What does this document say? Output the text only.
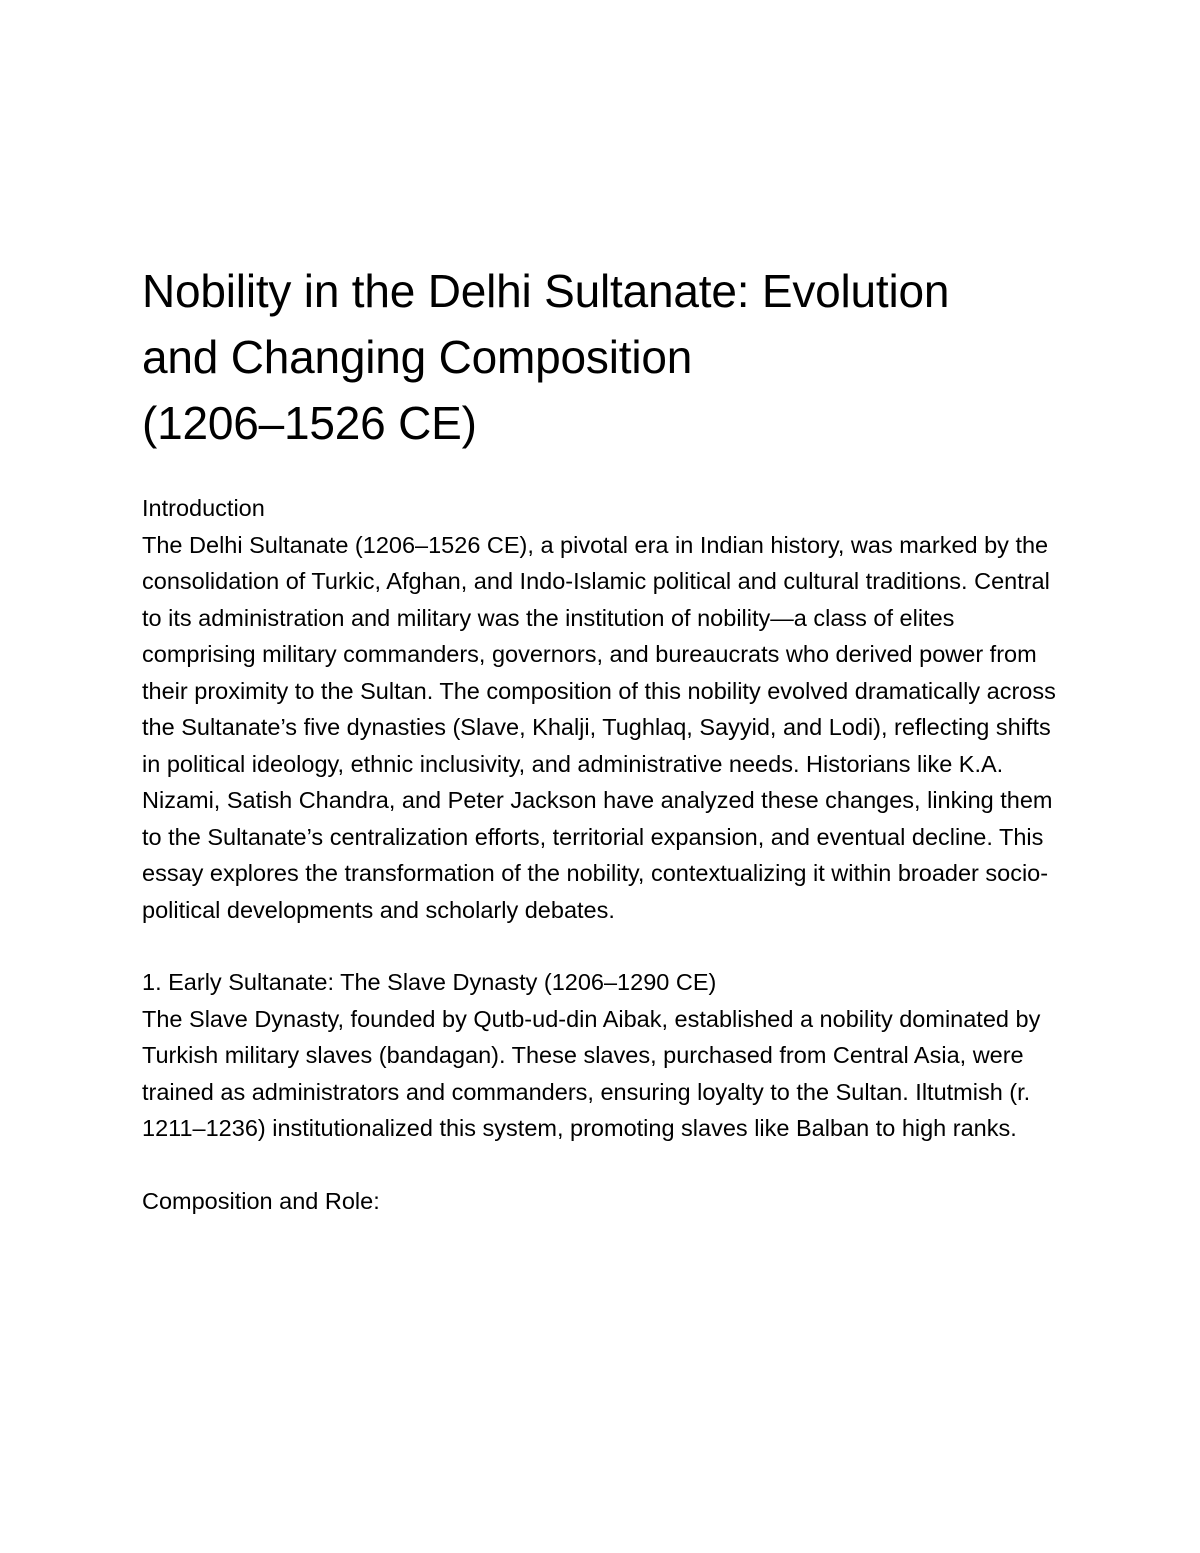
Nobility in the Delhi Sultanate: Evolution
and Changing Composition
(1206–1526 CE)
Introduction

The Delhi Sultanate (1206–1526 CE), a pivotal era in Indian history, was marked by the consolidation of Turkic, Afghan, and Indo-Islamic political and cultural traditions. Central to its administration and military was the institution of nobility—a class of elites comprising military commanders, governors, and bureaucrats who derived power from their proximity to the Sultan. The composition of this nobility evolved dramatically across the Sultanate’s five dynasties (Slave, Khalji, Tughlaq, Sayyid, and Lodi), reflecting shifts in political ideology, ethnic inclusivity, and administrative needs. Historians like K.A. Nizami, Satish Chandra, and Peter Jackson have analyzed these changes, linking them to the Sultanate’s centralization efforts, territorial expansion, and eventual decline. This essay explores the transformation of the nobility, contextualizing it within broader socio-political developments and scholarly debates.

1. Early Sultanate: The Slave Dynasty (1206–1290 CE)

The Slave Dynasty, founded by Qutb-ud-din Aibak, established a nobility dominated by Turkish military slaves (bandagan). These slaves, purchased from Central Asia, were trained as administrators and commanders, ensuring loyalty to the Sultan. Iltutmish (r. 1211–1236) institutionalized this system, promoting slaves like Balban to high ranks.

Composition and Role:
